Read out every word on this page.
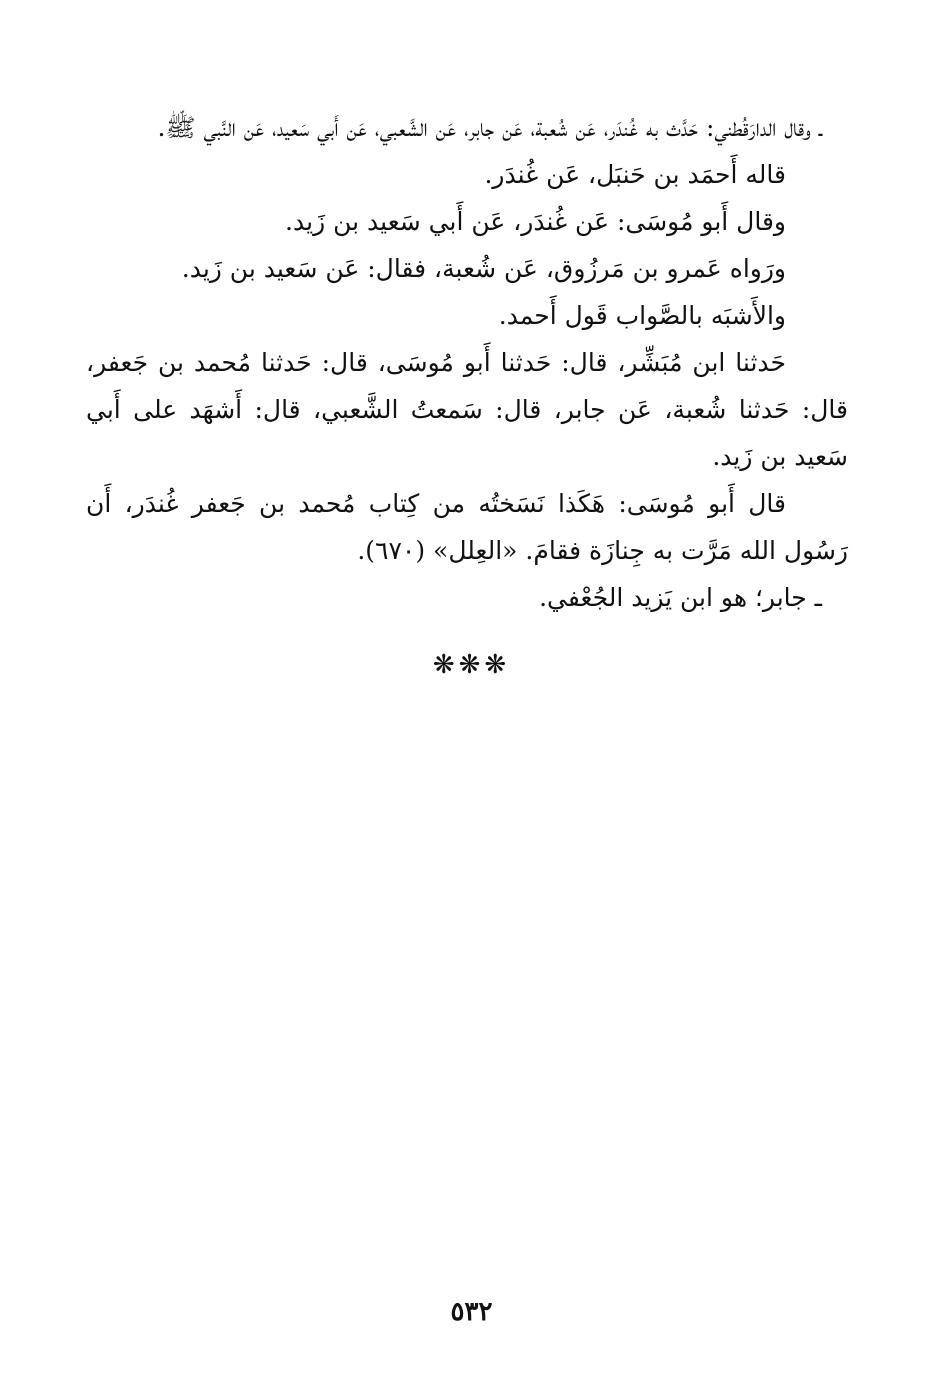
ـ وقال الدارَقُطني: حَدَّث به غُندَر، عَن شُعبة، عَن جابر، عَن الشَّعبي، عَن أَبي سَعيد، عَن النَّبي ﷺ.

قاله أَحمَد بن حَنبَل، عَن غُندَر.

وقال أَبو مُوسَى: عَن غُندَر، عَن أَبي سَعيد بن زَيد.

ورَواه عَمرو بن مَرزُوق، عَن شُعبة، فقال: عَن سَعيد بن زَيد.

والأَشبَه بالصَّواب قَول أَحمد.

حَدثنا ابن مُبَشِّر، قال: حَدثنا أَبو مُوسَى، قال: حَدثنا مُحمد بن جَعفر، قال: حَدثنا شُعبة، عَن جابر، قال: سَمعتُ الشَّعبي، قال: أَشهَد على أَبي سَعيد بن زَيد.

قال أَبو مُوسَى: هَكَذا نَسَختُه من كِتاب مُحمد بن جَعفر غُندَر، أَن رَسُول الله مَرَّت به جِنازَة فقامَ. «العِلل» (٦٧٠).

ـ جابر؛ هو ابن يَزيد الجُعْفي.

❋❋❋
٥٣٢
